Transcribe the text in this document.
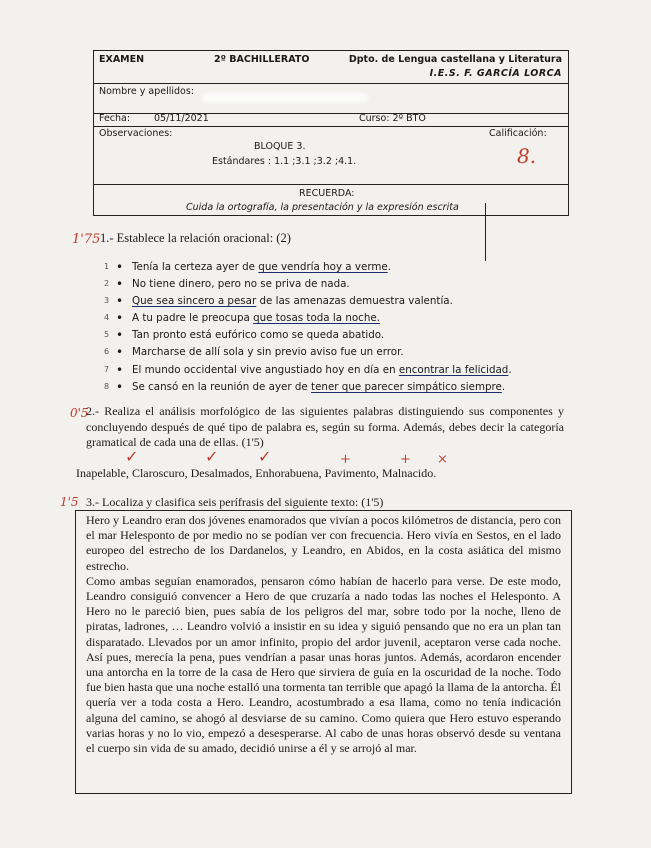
EXAMEN	2º BACHILLERATO	Dpto. de Lengua castellana y Literatura
I.E.S. F. GARCÍA LORCA
Nombre y apellidos:
Fecha:	05/11/2021	Curso: 2º BTO
Observaciones:
BLOQUE 3.
Estándares : 1.1 ;3.1 ;3.2 ;4.1.
Calificación:
8.
RECUERDA:
Cuida la ortografía, la presentación y la expresión escrita
1'75 1.- Establece la relación oracional: (2)
1 • Tenía la certeza ayer de que vendría hoy a verme.
2 • No tiene dinero, pero no se priva de nada.
3 • Que sea sincero a pesar de las amenazas demuestra valentía.
4 • A tu padre le preocupa que tosas toda la noche.
5 • Tan pronto está eufórico como se queda abatido.
6 • Marcharse de allí sola y sin previo aviso fue un error.
7 • El mundo occidental vive angustiado hoy en día en encontrar la felicidad.
8 • Se cansó en la reunión de ayer de tener que parecer simpático siempre.
0'5
2.- Realiza el análisis morfológico de las siguientes palabras distinguiendo sus componentes y concluyendo después de qué tipo de palabra es, según su forma. Además, debes decir la categoría gramatical de cada una de ellas. (1'5)
Inapelable, Claroscuro, Desalmados, Enhorabuena, Pavimento, Malnacido.
✓	✓ ✓	+	+ ×
1'5 3.- Localiza y clasifica seis perífrasis del siguiente texto: (1'5)

Hero y Leandro eran dos jóvenes enamorados que vivían a pocos kilómetros de distancia, pero con el mar Helesponto de por medio no se podían ver con frecuencia. Hero vivía en Sestos, en el lado europeo del estrecho de los Dardanelos, y Leandro, en Abidos, en la costa asiática del mismo estrecho.

Como ambas seguían enamorados, pensaron cómo habían de hacerlo para verse. De este modo, Leandro consiguió convencer a Hero de que cruzaría a nado todas las noches el Helesponto. A Hero no le pareció bien, pues sabía de los peligros del mar, sobre todo por la noche, lleno de piratas, ladrones, … Leandro volvió a insistir en su idea y siguió pensando que no era un plan tan disparatado. Llevados por un amor infinito, propio del ardor juvenil, aceptaron verse cada noche. Así pues, merecía la pena, pues vendrían a pasar unas horas juntos. Además, acordaron encender una antorcha en la torre de la casa de Hero que sirviera de guía en la oscuridad de la noche. Todo fue bien hasta que una noche estalló una tormenta tan terrible que apagó la llama de la antorcha. Él quería ver a toda costa a Hero. Leandro, acostumbrado a esa llama, como no tenía indicación alguna del camino, se ahogó al desviarse de su camino. Como quiera que Hero estuvo esperando varias horas y no lo vio, empezó a desesperarse. Al cabo de unas horas observó desde su ventana el cuerpo sin vida de su amado, decidió unirse a él y se arrojó al mar.
